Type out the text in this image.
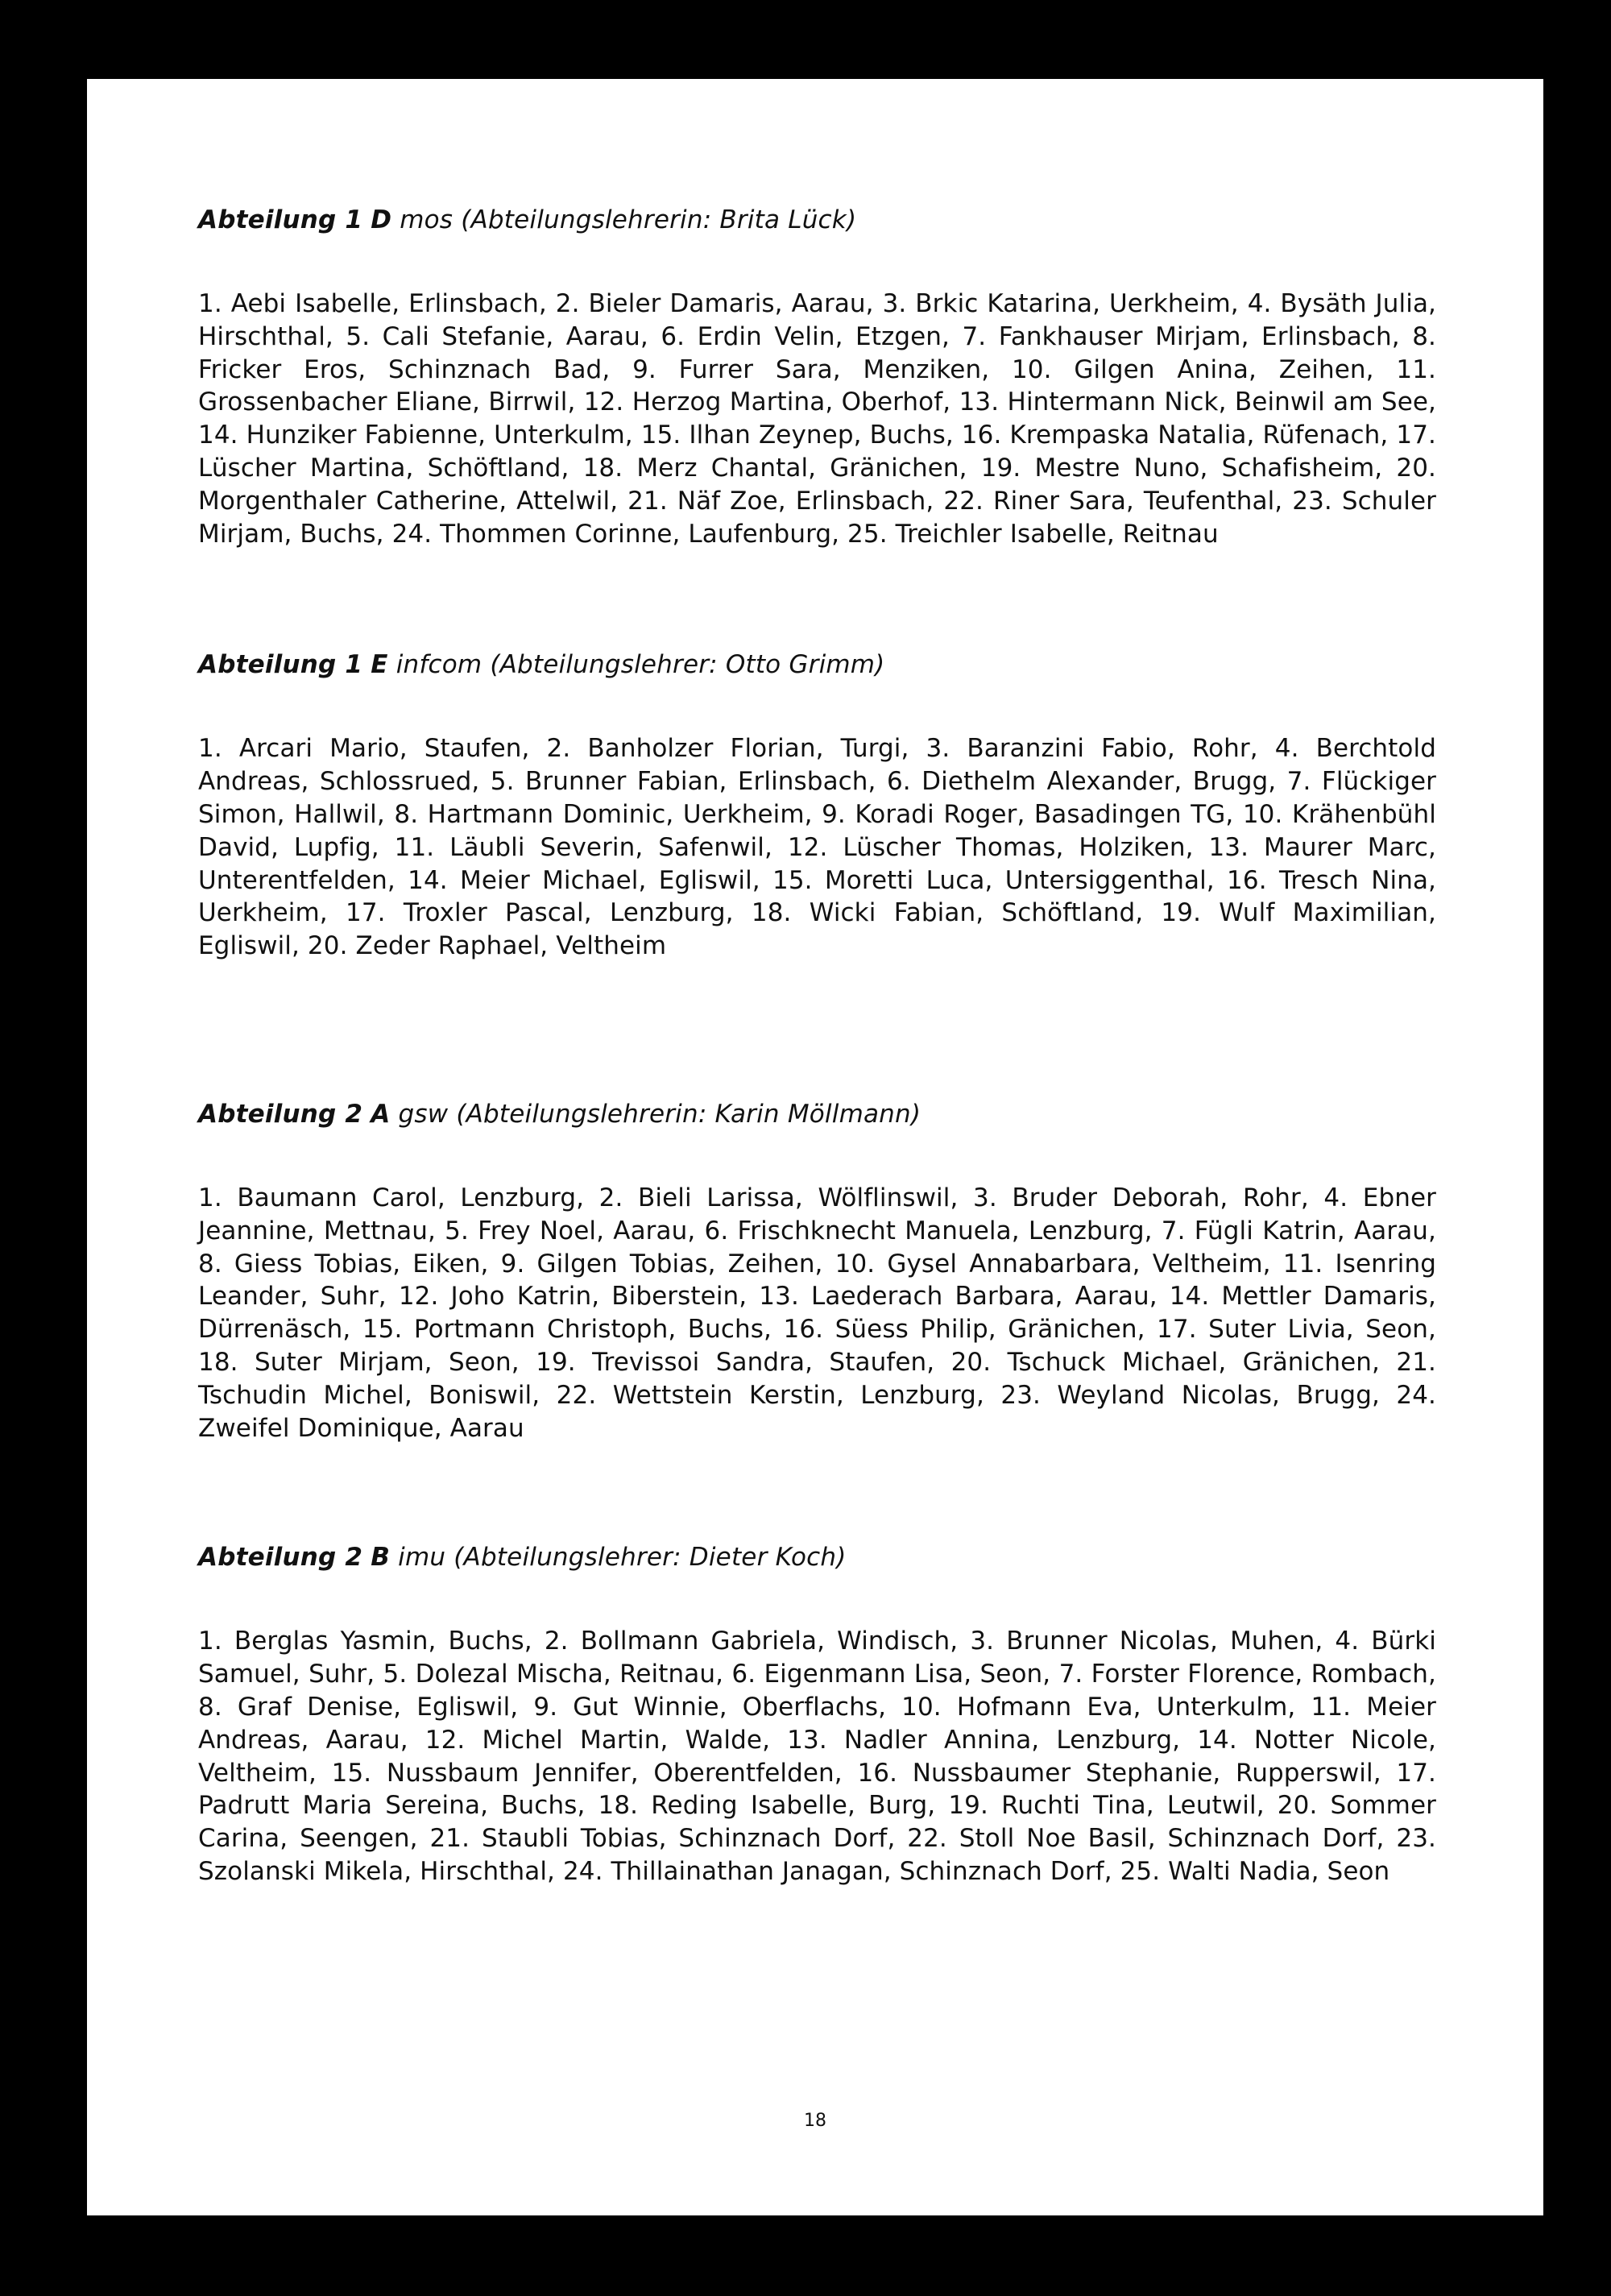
Abteilung 1 D mos (Abteilungslehrerin: Brita Lück)

1. Aebi Isabelle, Erlinsbach, 2. Bieler Damaris, Aarau, 3. Brkic Katarina, Uerkheim, 4. Bysäth Julia, Hirschthal, 5. Cali Stefanie, Aarau, 6. Erdin Velin, Etzgen, 7. Fankhauser Mirjam, Erlinsbach, 8. Fricker Eros, Schinznach Bad, 9. Furrer Sara, Menziken, 10. Gilgen Anina, Zeihen, 11. Grossenbacher Eliane, Birrwil, 12. Herzog Martina, Oberhof, 13. Hintermann Nick, Beinwil am See, 14. Hunziker Fabienne, Unterkulm, 15. Ilhan Zeynep, Buchs, 16. Krempaska Natalia, Rüfenach, 17. Lüscher Martina, Schöftland, 18. Merz Chantal, Gränichen, 19. Mestre Nuno, Schafisheim, 20. Morgenthaler Catherine, Attelwil, 21. Näf Zoe, Erlinsbach, 22. Riner Sara, Teufenthal, 23. Schuler Mirjam, Buchs, 24. Thommen Corinne, Laufenburg, 25. Treichler Isabelle, Reitnau

Abteilung 1 E infcom (Abteilungslehrer: Otto Grimm)

1. Arcari Mario, Staufen, 2. Banholzer Florian, Turgi, 3. Baranzini Fabio, Rohr, 4. Berchtold Andreas, Schlossrued, 5. Brunner Fabian, Erlinsbach, 6. Diethelm Alexander, Brugg, 7. Flückiger Simon, Hallwil, 8. Hartmann Dominic, Uerkheim, 9. Koradi Roger, Basadingen TG, 10. Krähenbühl David, Lupfig, 11. Läubli Severin, Safenwil, 12. Lüscher Thomas, Holziken, 13. Maurer Marc, Unterentfelden, 14. Meier Michael, Egliswil, 15. Moretti Luca, Untersiggenthal, 16. Tresch Nina, Uerkheim, 17. Troxler Pascal, Lenzburg, 18. Wicki Fabian, Schöftland, 19. Wulf Maximilian, Egliswil, 20. Zeder Raphael, Veltheim

Abteilung 2 A gsw (Abteilungslehrerin: Karin Möllmann)

1. Baumann Carol, Lenzburg, 2. Bieli Larissa, Wölflinswil, 3. Bruder Deborah, Rohr, 4. Ebner Jeannine, Mettnau, 5. Frey Noel, Aarau, 6. Frischknecht Manuela, Lenzburg, 7. Fügli Katrin, Aarau, 8. Giess Tobias, Eiken, 9. Gilgen Tobias, Zeihen, 10. Gysel Annabarbara, Veltheim, 11. Isenring Leander, Suhr, 12. Joho Katrin, Biberstein, 13. Laederach Barbara, Aarau, 14. Mettler Damaris, Dürrenäsch, 15. Portmann Christoph, Buchs, 16. Süess Philip, Gränichen, 17. Suter Livia, Seon, 18. Suter Mirjam, Seon, 19. Trevissoi Sandra, Staufen, 20. Tschuck Michael, Gränichen, 21. Tschudin Michel, Boniswil, 22. Wettstein Kerstin, Lenzburg, 23. Weyland Nicolas, Brugg, 24. Zweifel Dominique, Aarau

Abteilung 2 B imu (Abteilungslehrer: Dieter Koch)

1. Berglas Yasmin, Buchs, 2. Bollmann Gabriela, Windisch, 3. Brunner Nicolas, Muhen, 4. Bürki Samuel, Suhr, 5. Dolezal Mischa, Reitnau, 6. Eigenmann Lisa, Seon, 7. Forster Florence, Rombach, 8. Graf Denise, Egliswil, 9. Gut Winnie, Oberflachs, 10. Hofmann Eva, Unterkulm, 11. Meier Andreas, Aarau, 12. Michel Martin, Walde, 13. Nadler Annina, Lenzburg, 14. Notter Nicole, Veltheim, 15. Nussbaum Jennifer, Oberentfelden, 16. Nussbaumer Stephanie, Rupperswil, 17. Padrutt Maria Sereina, Buchs, 18. Reding Isabelle, Burg, 19. Ruchti Tina, Leutwil, 20. Sommer Carina, Seengen, 21. Staubli Tobias, Schinznach Dorf, 22. Stoll Noe Basil, Schinznach Dorf, 23. Szolanski Mikela, Hirschthal, 24. Thillainathan Janagan, Schinznach Dorf, 25. Walti Nadia, Seon

18
